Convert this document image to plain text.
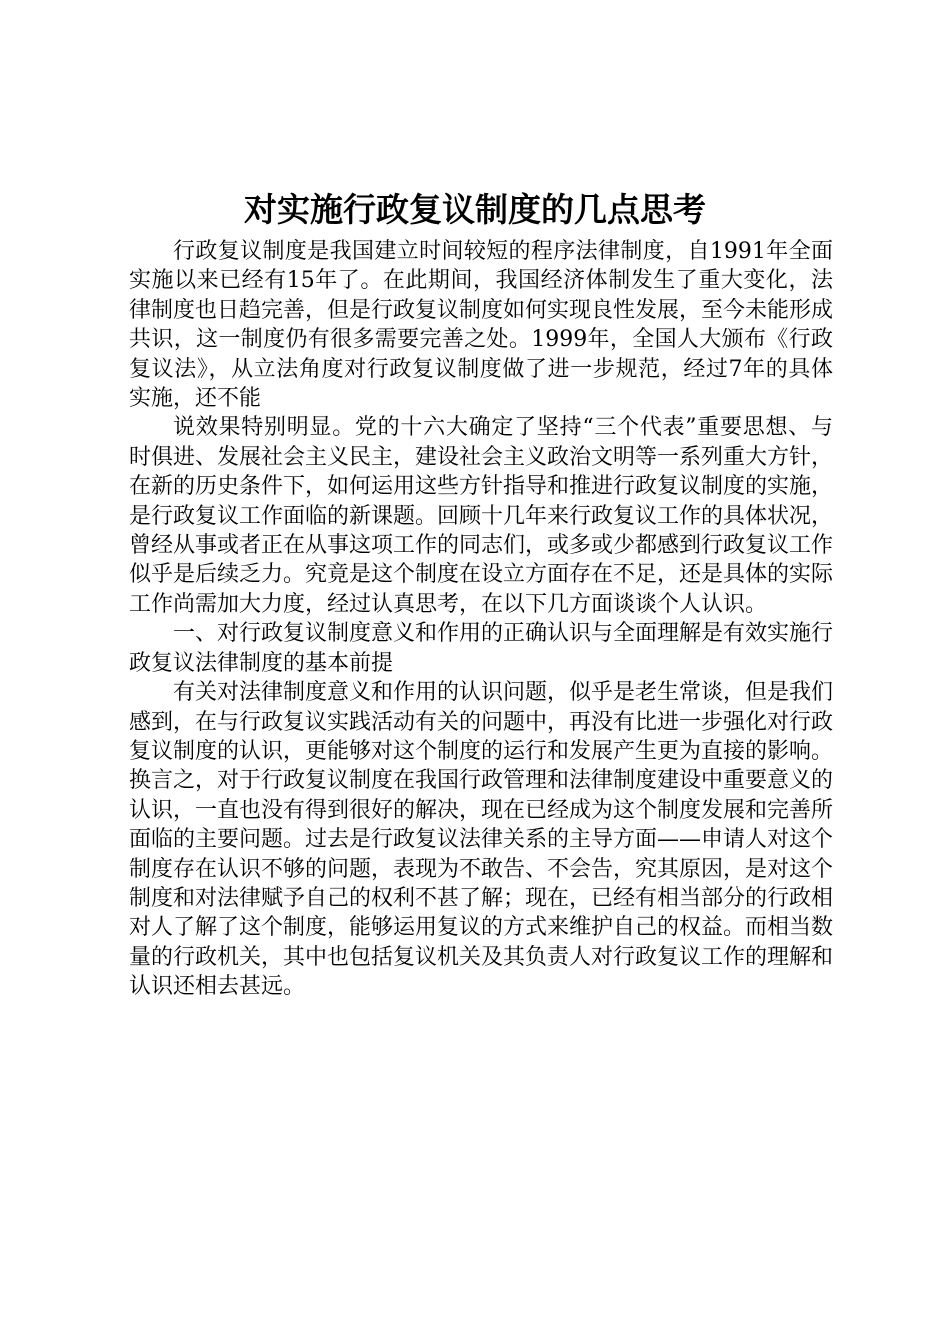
对实施行政复议制度的几点思考

行政复议制度是我国建立时间较短的程序法律制度，自1991年全面实施以来已经有15年了。在此期间，我国经济体制发生了重大变化，法律制度也日趋完善，但是行政复议制度如何实现良性发展，至今未能形成共识，这一制度仍有很多需要完善之处。1999年，全国人大颁布《行政复议法》，从立法角度对行政复议制度做了进一步规范，经过7年的具体实施，还不能

说效果特别明显。党的十六大确定了坚持“三个代表”重要思想、与时俱进、发展社会主义民主，建设社会主义政治文明等一系列重大方针，在新的历史条件下，如何运用这些方针指导和推进行政复议制度的实施，是行政复议工作面临的新课题。回顾十几年来行政复议工作的具体状况，曾经从事或者正在从事这项工作的同志们，或多或少都感到行政复议工作似乎是后续乏力。究竟是这个制度在设立方面存在不足，还是具体的实际工作尚需加大力度，经过认真思考，在以下几方面谈谈个人认识。

一、对行政复议制度意义和作用的正确认识与全面理解是有效实施行政复议法律制度的基本前提

有关对法律制度意义和作用的认识问题，似乎是老生常谈，但是我们感到，在与行政复议实践活动有关的问题中，再没有比进一步强化对行政复议制度的认识，更能够对这个制度的运行和发展产生更为直接的影响。换言之，对于行政复议制度在我国行政管理和法律制度建设中重要意义的认识，一直也没有得到很好的解决，现在已经成为这个制度发展和完善所面临的主要问题。过去是行政复议法律关系的主导方面——申请人对这个制度存在认识不够的问题，表现为不敢告、不会告，究其原因，是对这个制度和对法律赋予自己的权利不甚了解；现在，已经有相当部分的行政相对人了解了这个制度，能够运用复议的方式来维护自己的权益。而相当数量的行政机关，其中也包括复议机关及其负责人对行政复议工作的理解和认识还相去甚远。
